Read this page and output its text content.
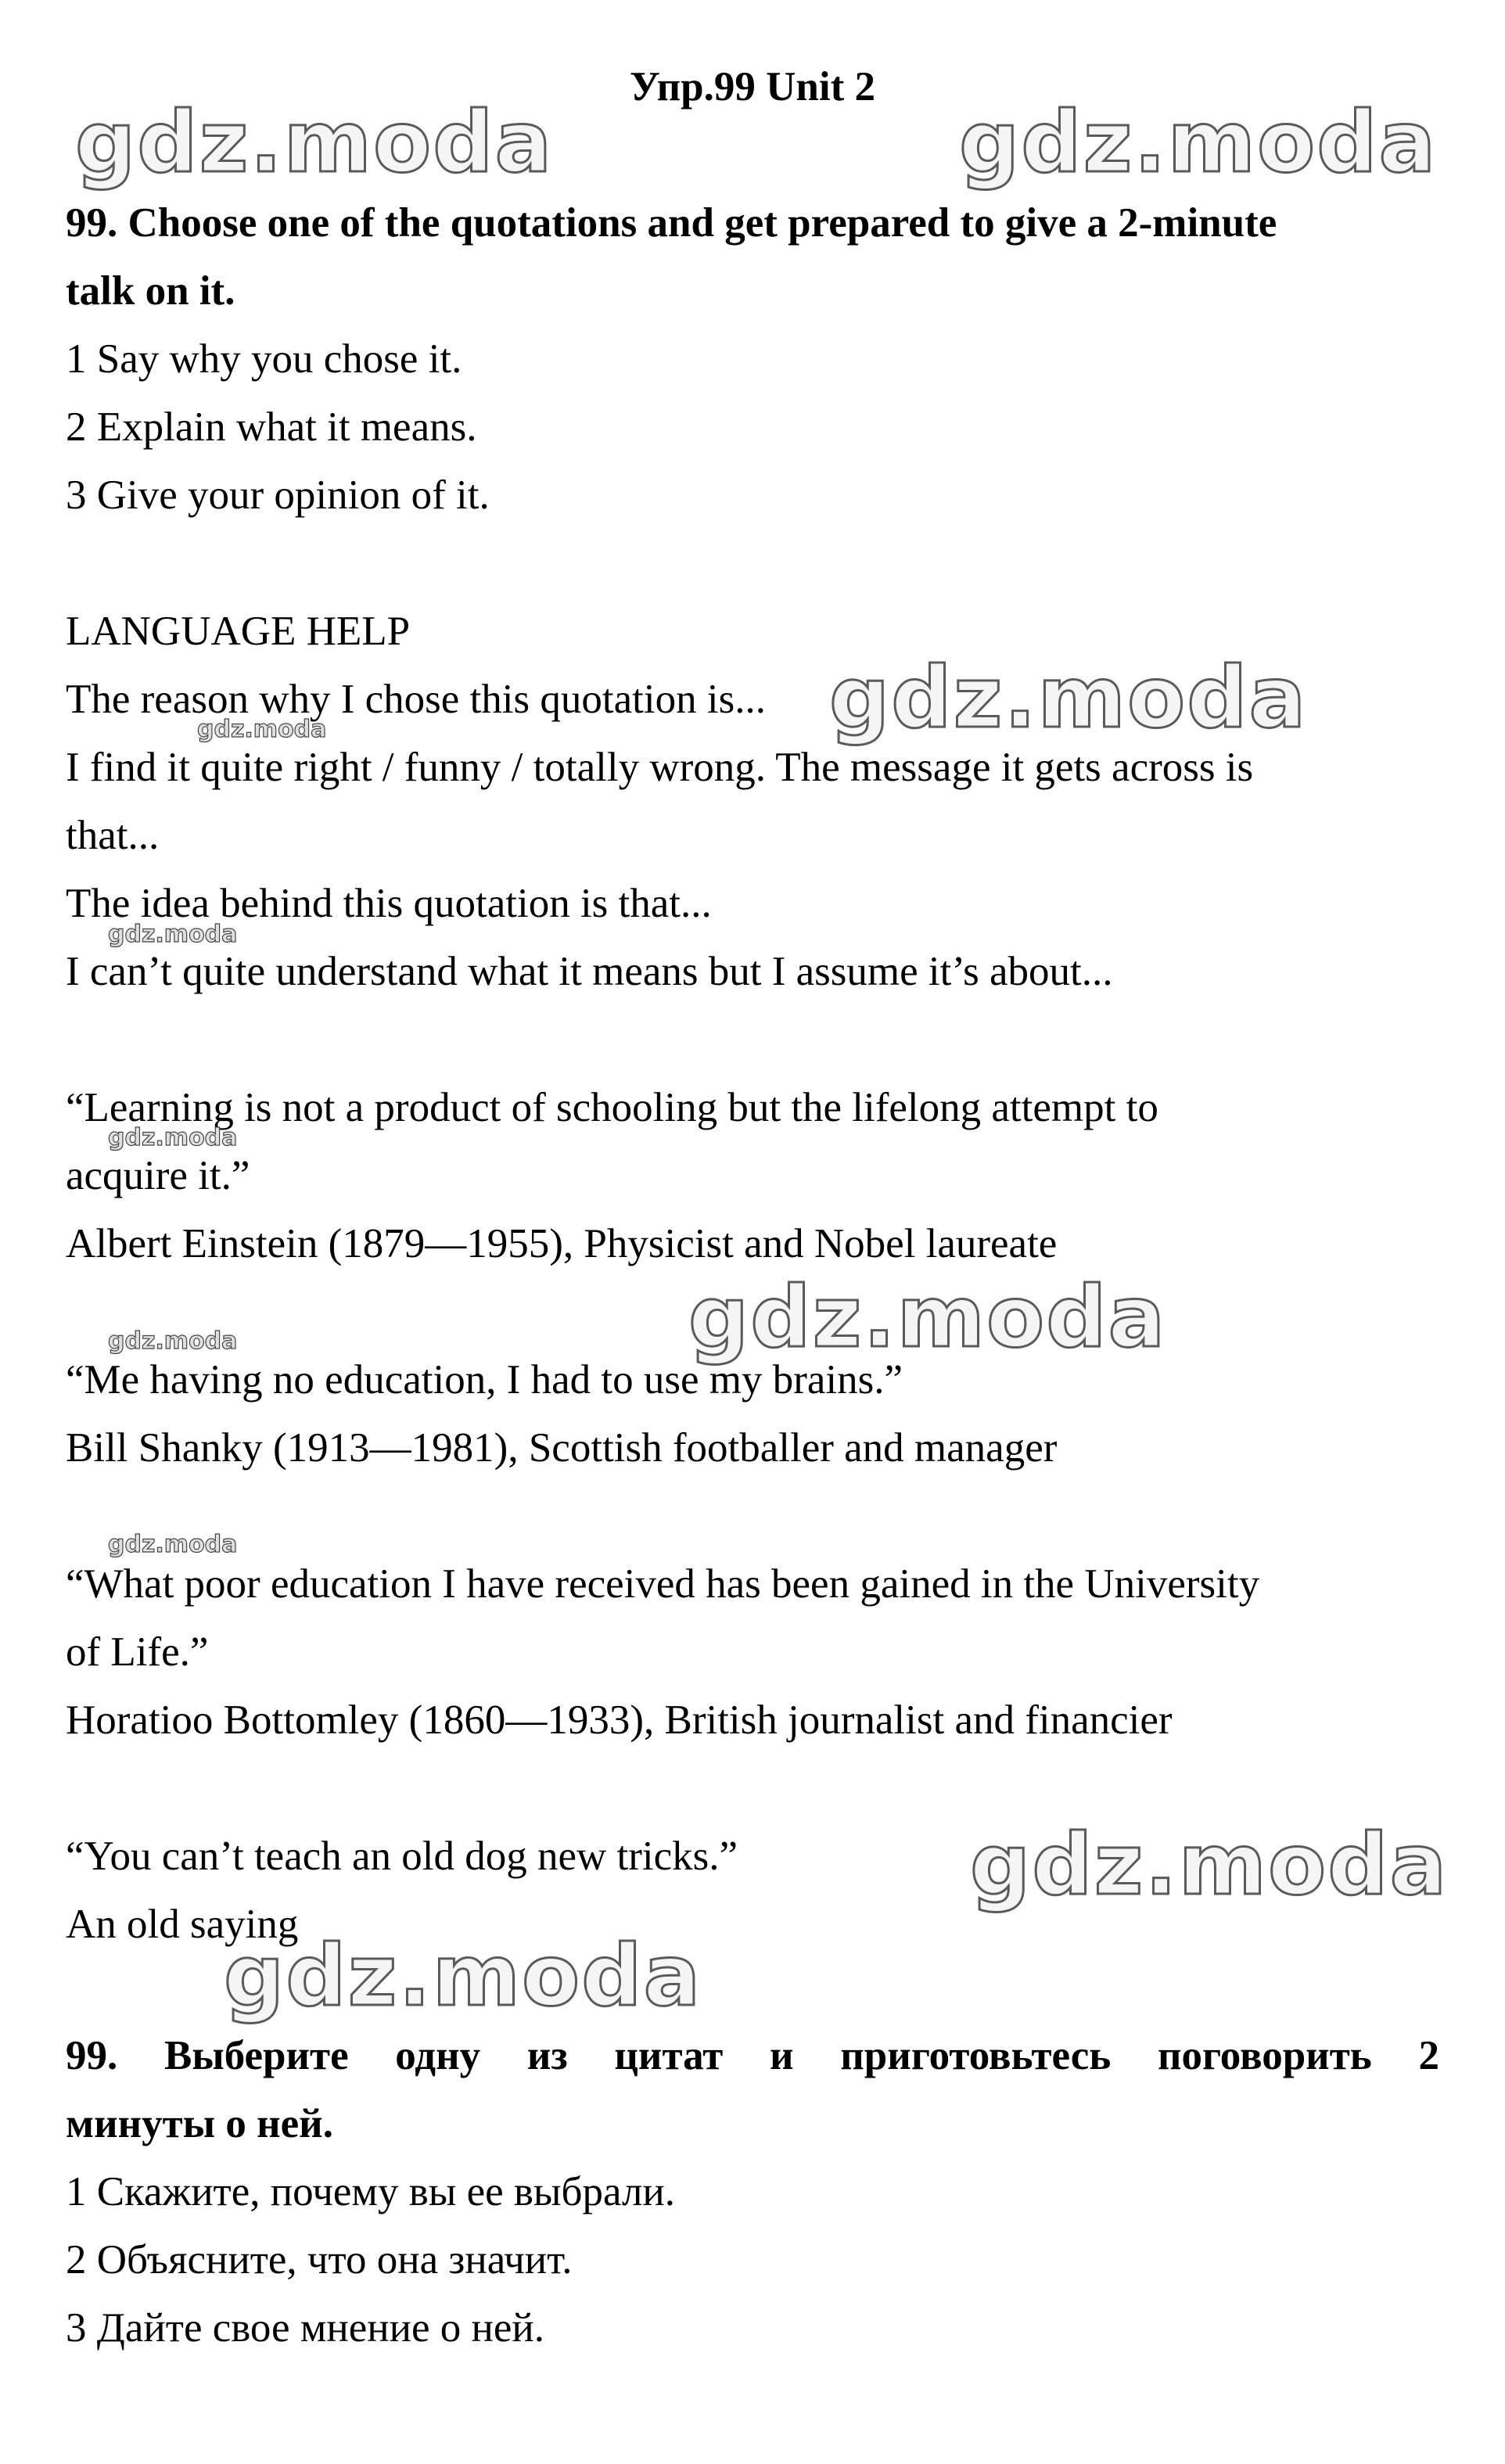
Упр.99 Unit 2
99. Choose one of the quotations and get prepared to give a 2-minute
talk on it.
1 Say why you chose it.
2 Explain what it means.
3 Give your opinion of it.
LANGUAGE HELP
The reason why I chose this quotation is...
I find it quite right / funny / totally wrong. The message it gets across is
that...
The idea behind this quotation is that...
I can’t quite understand what it means but I assume it’s about...
“Learning is not a product of schooling but the lifelong attempt to
acquire it.”
Albert Einstein (1879—1955), Physicist and Nobel laureate
“Me having no education, I had to use my brains.”
Bill Shanky (1913—1981), Scottish footballer and manager
“What poor education I have received has been gained in the University
of Life.”
Horatioo Bottomley (1860—1933), British journalist and financier
“You can’t teach an old dog new tricks.”
An old saying
99. Выберите одну из цитат и приготовьтесь поговорить 2
минуты о ней.
1 Скажите, почему вы ее выбрали.
2 Объясните, что она значит.
3 Дайте свое мнение о ней.
gdz.moda	gdz.moda
gdz.moda
gdz.moda
gdz.moda
gdz.moda
gdz.moda
gdz.moda
gdz.moda
gdz.moda
gdz.moda
